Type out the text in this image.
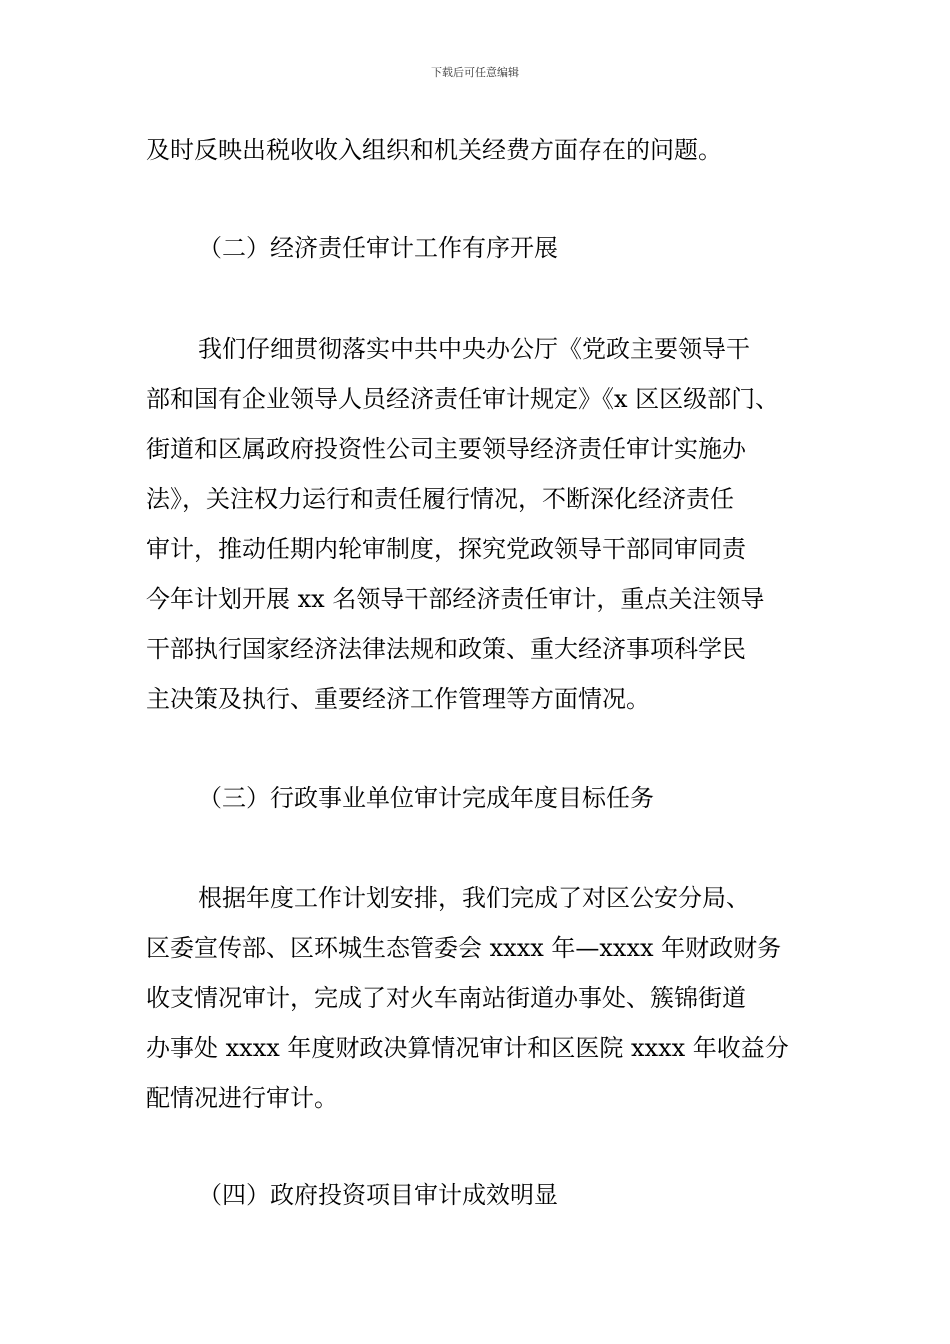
下载后可任意编辑
及时反映出税收收入组织和机关经费方面存在的问题。
（二）经济责任审计工作有序开展
我们仔细贯彻落实中共中央办公厅《党政主要领导干
部和国有企业领导人员经济责任审计规定》《x 区区级部门、
街道和区属政府投资性公司主要领导经济责任审计实施办
法》，关注权力运行和责任履行情况，不断深化经济责任
审计，推动任期内轮审制度，探究党政领导干部同审同责
今年计划开展 xx 名领导干部经济责任审计，重点关注领导
干部执行国家经济法律法规和政策、重大经济事项科学民
主决策及执行、重要经济工作管理等方面情况。
（三）行政事业单位审计完成年度目标任务
根据年度工作计划安排，我们完成了对区公安分局、
区委宣传部、区环城生态管委会 xxxx 年—xxxx 年财政财务
收支情况审计，完成了对火车南站街道办事处、簇锦街道
办事处 xxxx 年度财政决算情况审计和区医院 xxxx 年收益分
配情况进行审计。
（四）政府投资项目审计成效明显
